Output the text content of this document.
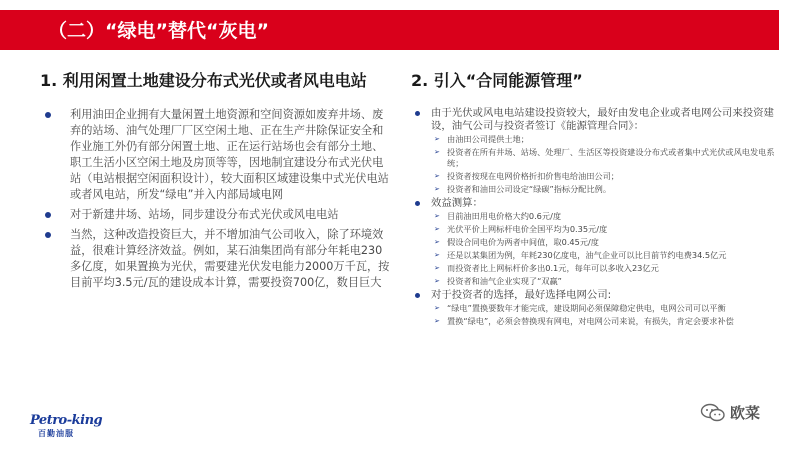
（二）“绿电”替代“灰电”
1. 利用闲置土地建设分布式光伏或者风电电站
利用油田企业拥有大量闲置土地资源和空间资源如废弃井场、废弃的站场、油气处理厂厂区空闲土地、正在生产井除保证安全和作业施工外仍有部分闲置土地、正在运行站场也会有部分土地、职工生活小区空闲土地及房顶等等，因地制宜建设分布式光伏电站（电站根据空闲面积设计），较大面积区域建设集中式光伏电站或者风电站，所发“绿电”并入内部局域电网
对于新建井场、站场，同步建设分布式光伏或风电电站
当然，这种改造投资巨大，并不增加油气公司收入，除了环境效益，很难计算经济效益。例如，某石油集团尚有部分年耗电230多亿度，如果置换为光伏，需要建光伏发电能力2000万千瓦，按目前平均3.5元/瓦的建设成本计算，需要投资700亿，数目巨大
2. 引入“合同能源管理”
由于光伏或风电电站建设投资较大，最好由发电企业或者电网公司来投资建设，油气公司与投资者签订《能源管理合同》：
➢ 由油田公司提供土地；
➢ 投资者在所有井场、站场、处理厂、生活区等投资建设分布式或者集中式光伏或风电发电系统；
➢ 投资者按现在电网价格折扣价售电给油田公司；
➢ 投资者和油田公司设定“绿碳”指标分配比例。
效益测算：
➢ 目前油田用电价格大约0.6元/度
➢ 光伏平价上网标杆电价全国平均为0.35元/度
➢ 假设合同电价为两者中间值，取0.45元/度
➢ 还是以某集团为例，年耗230亿度电，油气企业可以比目前节约电费34.5亿元
➢ 而投资者比上网标杆价多出0.1元，每年可以多收入23亿元
➢ 投资者和油气企业实现了“双赢”
对于投资者的选择，最好选择电网公司:
➢ “绿电”置换要数年才能完成，建设期间必须保障稳定供电，电网公司可以平衡
➢ 置换“绿电”，必须会替换现有网电，对电网公司来说，有损失，肯定会要求补偿
Petro-king
百勤油服
欧菜
